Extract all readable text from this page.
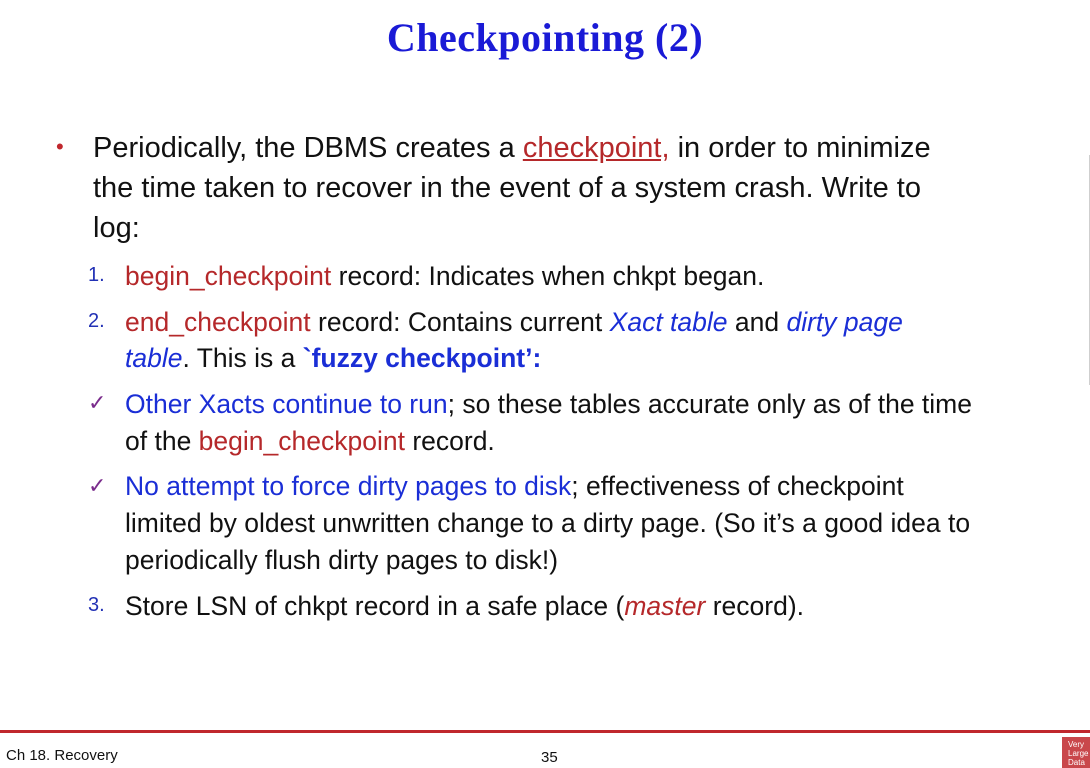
Checkpointing (2)
• Periodically, the DBMS creates a checkpoint, in order to minimize
the time taken to recover in the event of a system crash. Write to
log:
1. begin_checkpoint record: Indicates when chkpt began.
2. end_checkpoint record: Contains current Xact table and dirty page
table. This is a `fuzzy checkpoint’:
✓ Other Xacts continue to run; so these tables accurate only as of the time
of the begin_checkpoint record.
✓ No attempt to force dirty pages to disk; effectiveness of checkpoint
limited by oldest unwritten change to a dirty page. (So it’s a good idea to
periodically flush dirty pages to disk!)
3. Store LSN of chkpt record in a safe place (master record).
Ch 18. Recovery	35
Very Large Data
